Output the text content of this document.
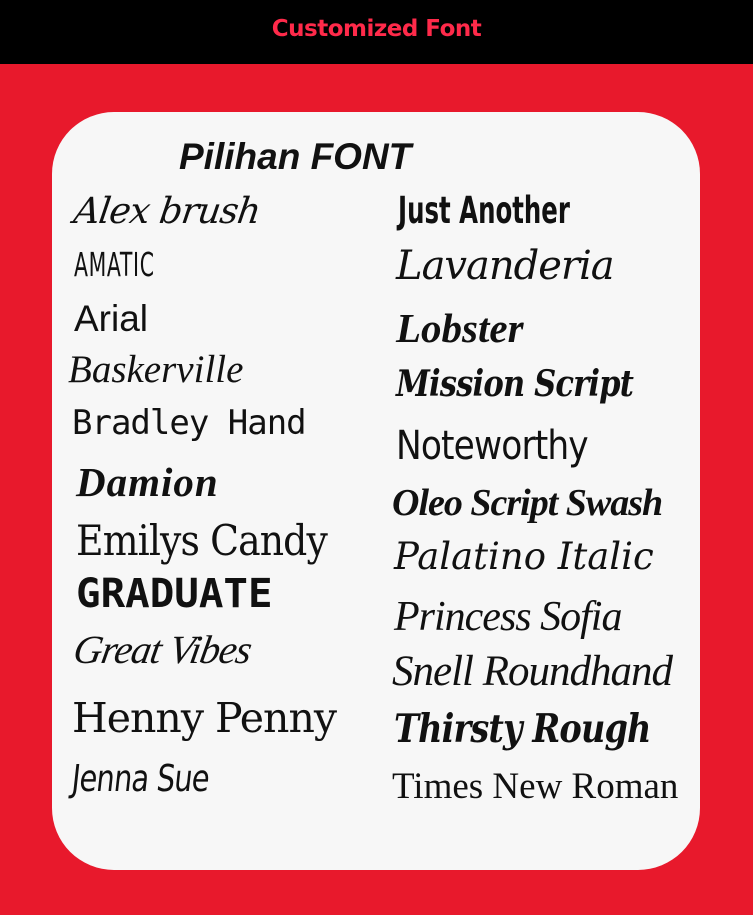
Customized Font
Pilihan FONT
Alex brush
AMATIC
Arial
Baskerville
Bradley Hand
Damion
Emilys Candy
GRADUATE
Great Vibes
Henny Penny
Jenna Sue
Just Another
Lavanderia
Lobster
Mission Script
Noteworthy
Oleo Script Swash
Palatino Italic
Princess Sofia
Snell Roundhand
Thirsty Rough
Times New Roman
